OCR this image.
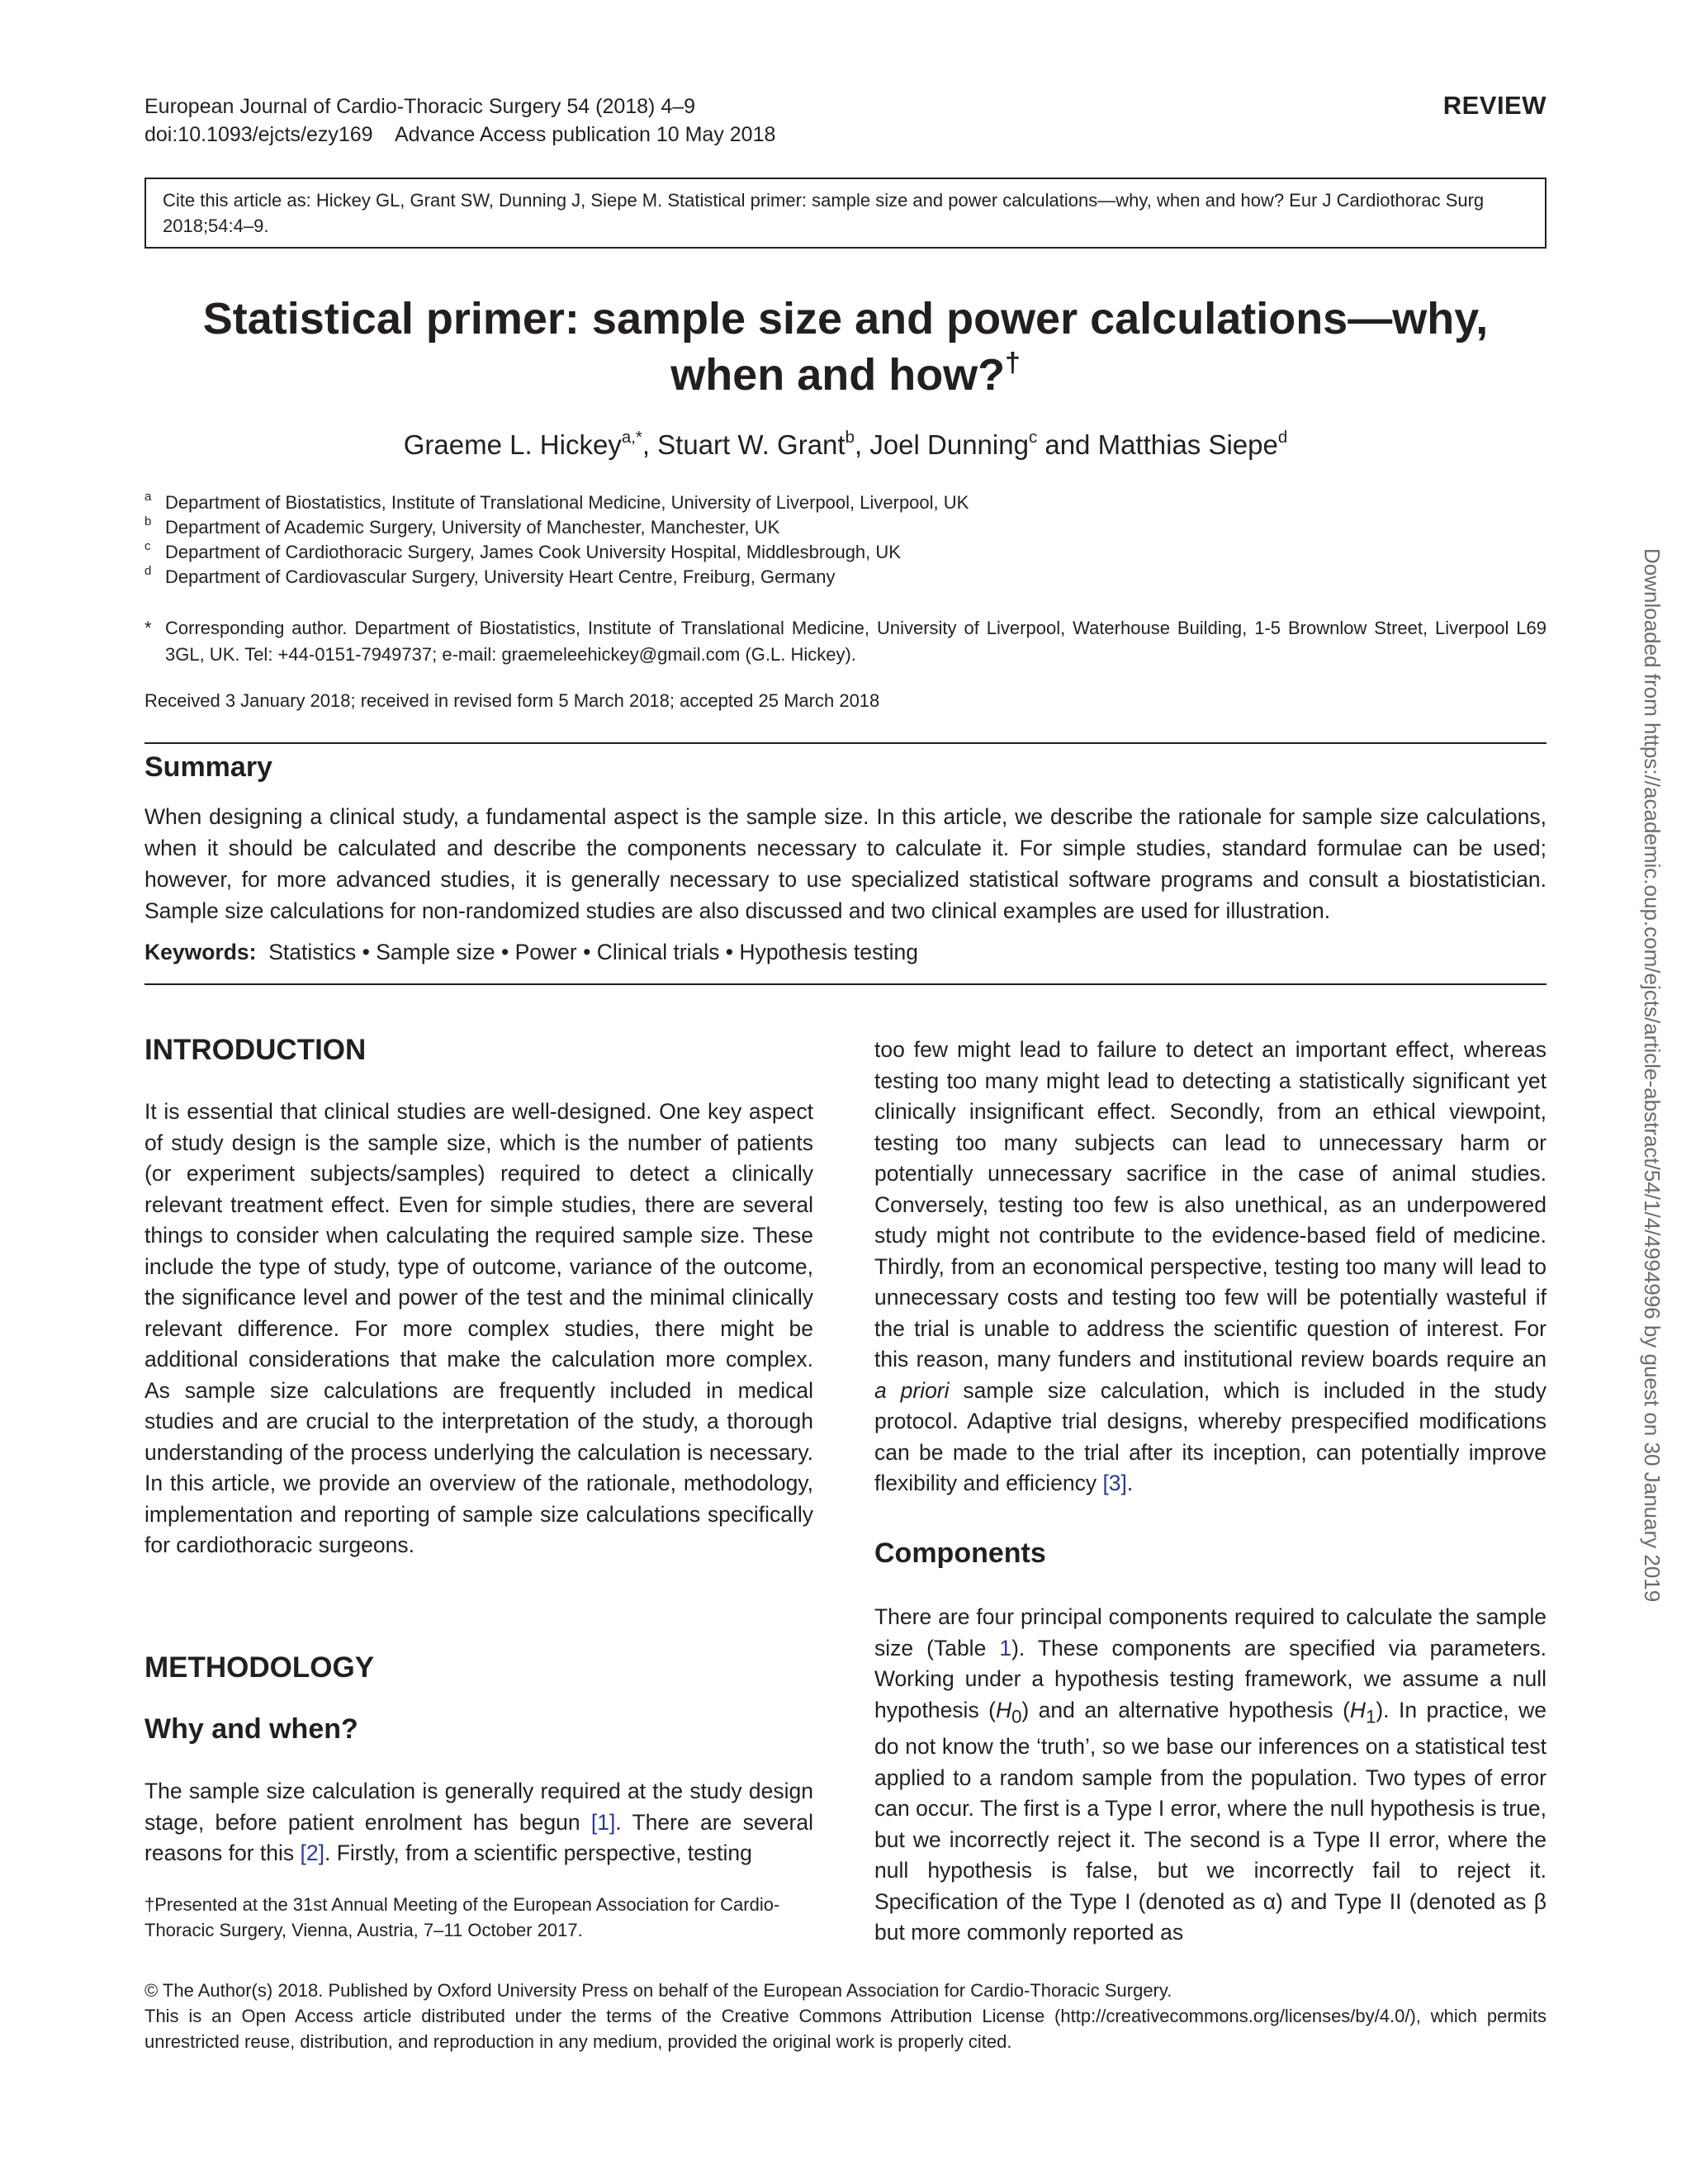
European Journal of Cardio-Thoracic Surgery 54 (2018) 4–9
doi:10.1093/ejcts/ezy169    Advance Access publication 10 May 2018
REVIEW
Cite this article as: Hickey GL, Grant SW, Dunning J, Siepe M. Statistical primer: sample size and power calculations—why, when and how? Eur J Cardiothorac Surg 2018;54:4–9.
Statistical primer: sample size and power calculations—why,
when and how?†
Graeme L. Hickey$^{a,*}$, Stuart W. Grant$^b$, Joel Dunning$^c$ and Matthias Siepe$^d$
$^a$ Department of Biostatistics, Institute of Translational Medicine, University of Liverpool, Liverpool, UK
$^b$ Department of Academic Surgery, University of Manchester, Manchester, UK
$^c$ Department of Cardiothoracic Surgery, James Cook University Hospital, Middlesbrough, UK
$^d$ Department of Cardiovascular Surgery, University Heart Centre, Freiburg, Germany
* Corresponding author. Department of Biostatistics, Institute of Translational Medicine, University of Liverpool, Waterhouse Building, 1-5 Brownlow Street, Liverpool L69 3GL, UK. Tel: +44-0151-7949737; e-mail: graemeleehickey@gmail.com (G.L. Hickey).
Received 3 January 2018; received in revised form 5 March 2018; accepted 25 March 2018
Summary
When designing a clinical study, a fundamental aspect is the sample size. In this article, we describe the rationale for sample size calculations, when it should be calculated and describe the components necessary to calculate it. For simple studies, standard formulae can be used; however, for more advanced studies, it is generally necessary to use specialized statistical software programs and consult a biostatistician. Sample size calculations for non-randomized studies are also discussed and two clinical examples are used for illustration.
Keywords: Statistics • Sample size • Power • Clinical trials • Hypothesis testing
INTRODUCTION

It is essential that clinical studies are well-designed. One key aspect of study design is the sample size, which is the number of patients (or experiment subjects/samples) required to detect a clinically relevant treatment effect. Even for simple studies, there are several things to consider when calculating the required sample size. These include the type of study, type of outcome, variance of the outcome, the significance level and power of the test and the minimal clinically relevant difference. For more complex studies, there might be additional considerations that make the calculation more complex. As sample size calculations are frequently included in medical studies and are crucial to the interpretation of the study, a thorough understanding of the process underlying the calculation is necessary. In this article, we provide an overview of the rationale, methodology, implementation and reporting of sample size calculations specifically for cardiothoracic surgeons.

METHODOLOGY
Why and when?

The sample size calculation is generally required at the study design stage, before patient enrolment has begun [1]. There are several reasons for this [2]. Firstly, from a scientific perspective, testing

†Presented at the 31st Annual Meeting of the European Association for Cardio-Thoracic Surgery, Vienna, Austria, 7–11 October 2017.

too few might lead to failure to detect an important effect, whereas testing too many might lead to detecting a statistically significant yet clinically insignificant effect. Secondly, from an ethical viewpoint, testing too many subjects can lead to unnecessary harm or potentially unnecessary sacrifice in the case of animal studies. Conversely, testing too few is also unethical, as an underpowered study might not contribute to the evidence-based field of medicine. Thirdly, from an economical perspective, testing too many will lead to unnecessary costs and testing too few will be potentially wasteful if the trial is unable to address the scientific question of interest. For this reason, many funders and institutional review boards require an a priori sample size calculation, which is included in the study protocol. Adaptive trial designs, whereby prespecified modifications can be made to the trial after its inception, can potentially improve flexibility and efficiency [3].

Components

There are four principal components required to calculate the sample size (Table 1). These components are specified via parameters. Working under a hypothesis testing framework, we assume a null hypothesis $(H_0)$ and an alternative hypothesis $(H_1)$. In practice, we do not know the ‘truth’, so we base our inferences on a statistical test applied to a random sample from the population. Two types of error can occur. The first is a Type I error, where the null hypothesis is true, but we incorrectly reject it. The second is a Type II error, where the null hypothesis is false, but we incorrectly fail to reject it. Specification of the Type I (denoted as α) and Type II (denoted as β but more commonly reported as

© The Author(s) 2018. Published by Oxford University Press on behalf of the European Association for Cardio-Thoracic Surgery.
This is an Open Access article distributed under the terms of the Creative Commons Attribution License (http://creativecommons.org/licenses/by/4.0/), which permits unrestricted reuse, distribution, and reproduction in any medium, provided the original work is properly cited.
Downloaded from https://academic.oup.com/ejcts/article-abstract/54/1/4/4994996 by guest on 30 January 2019
